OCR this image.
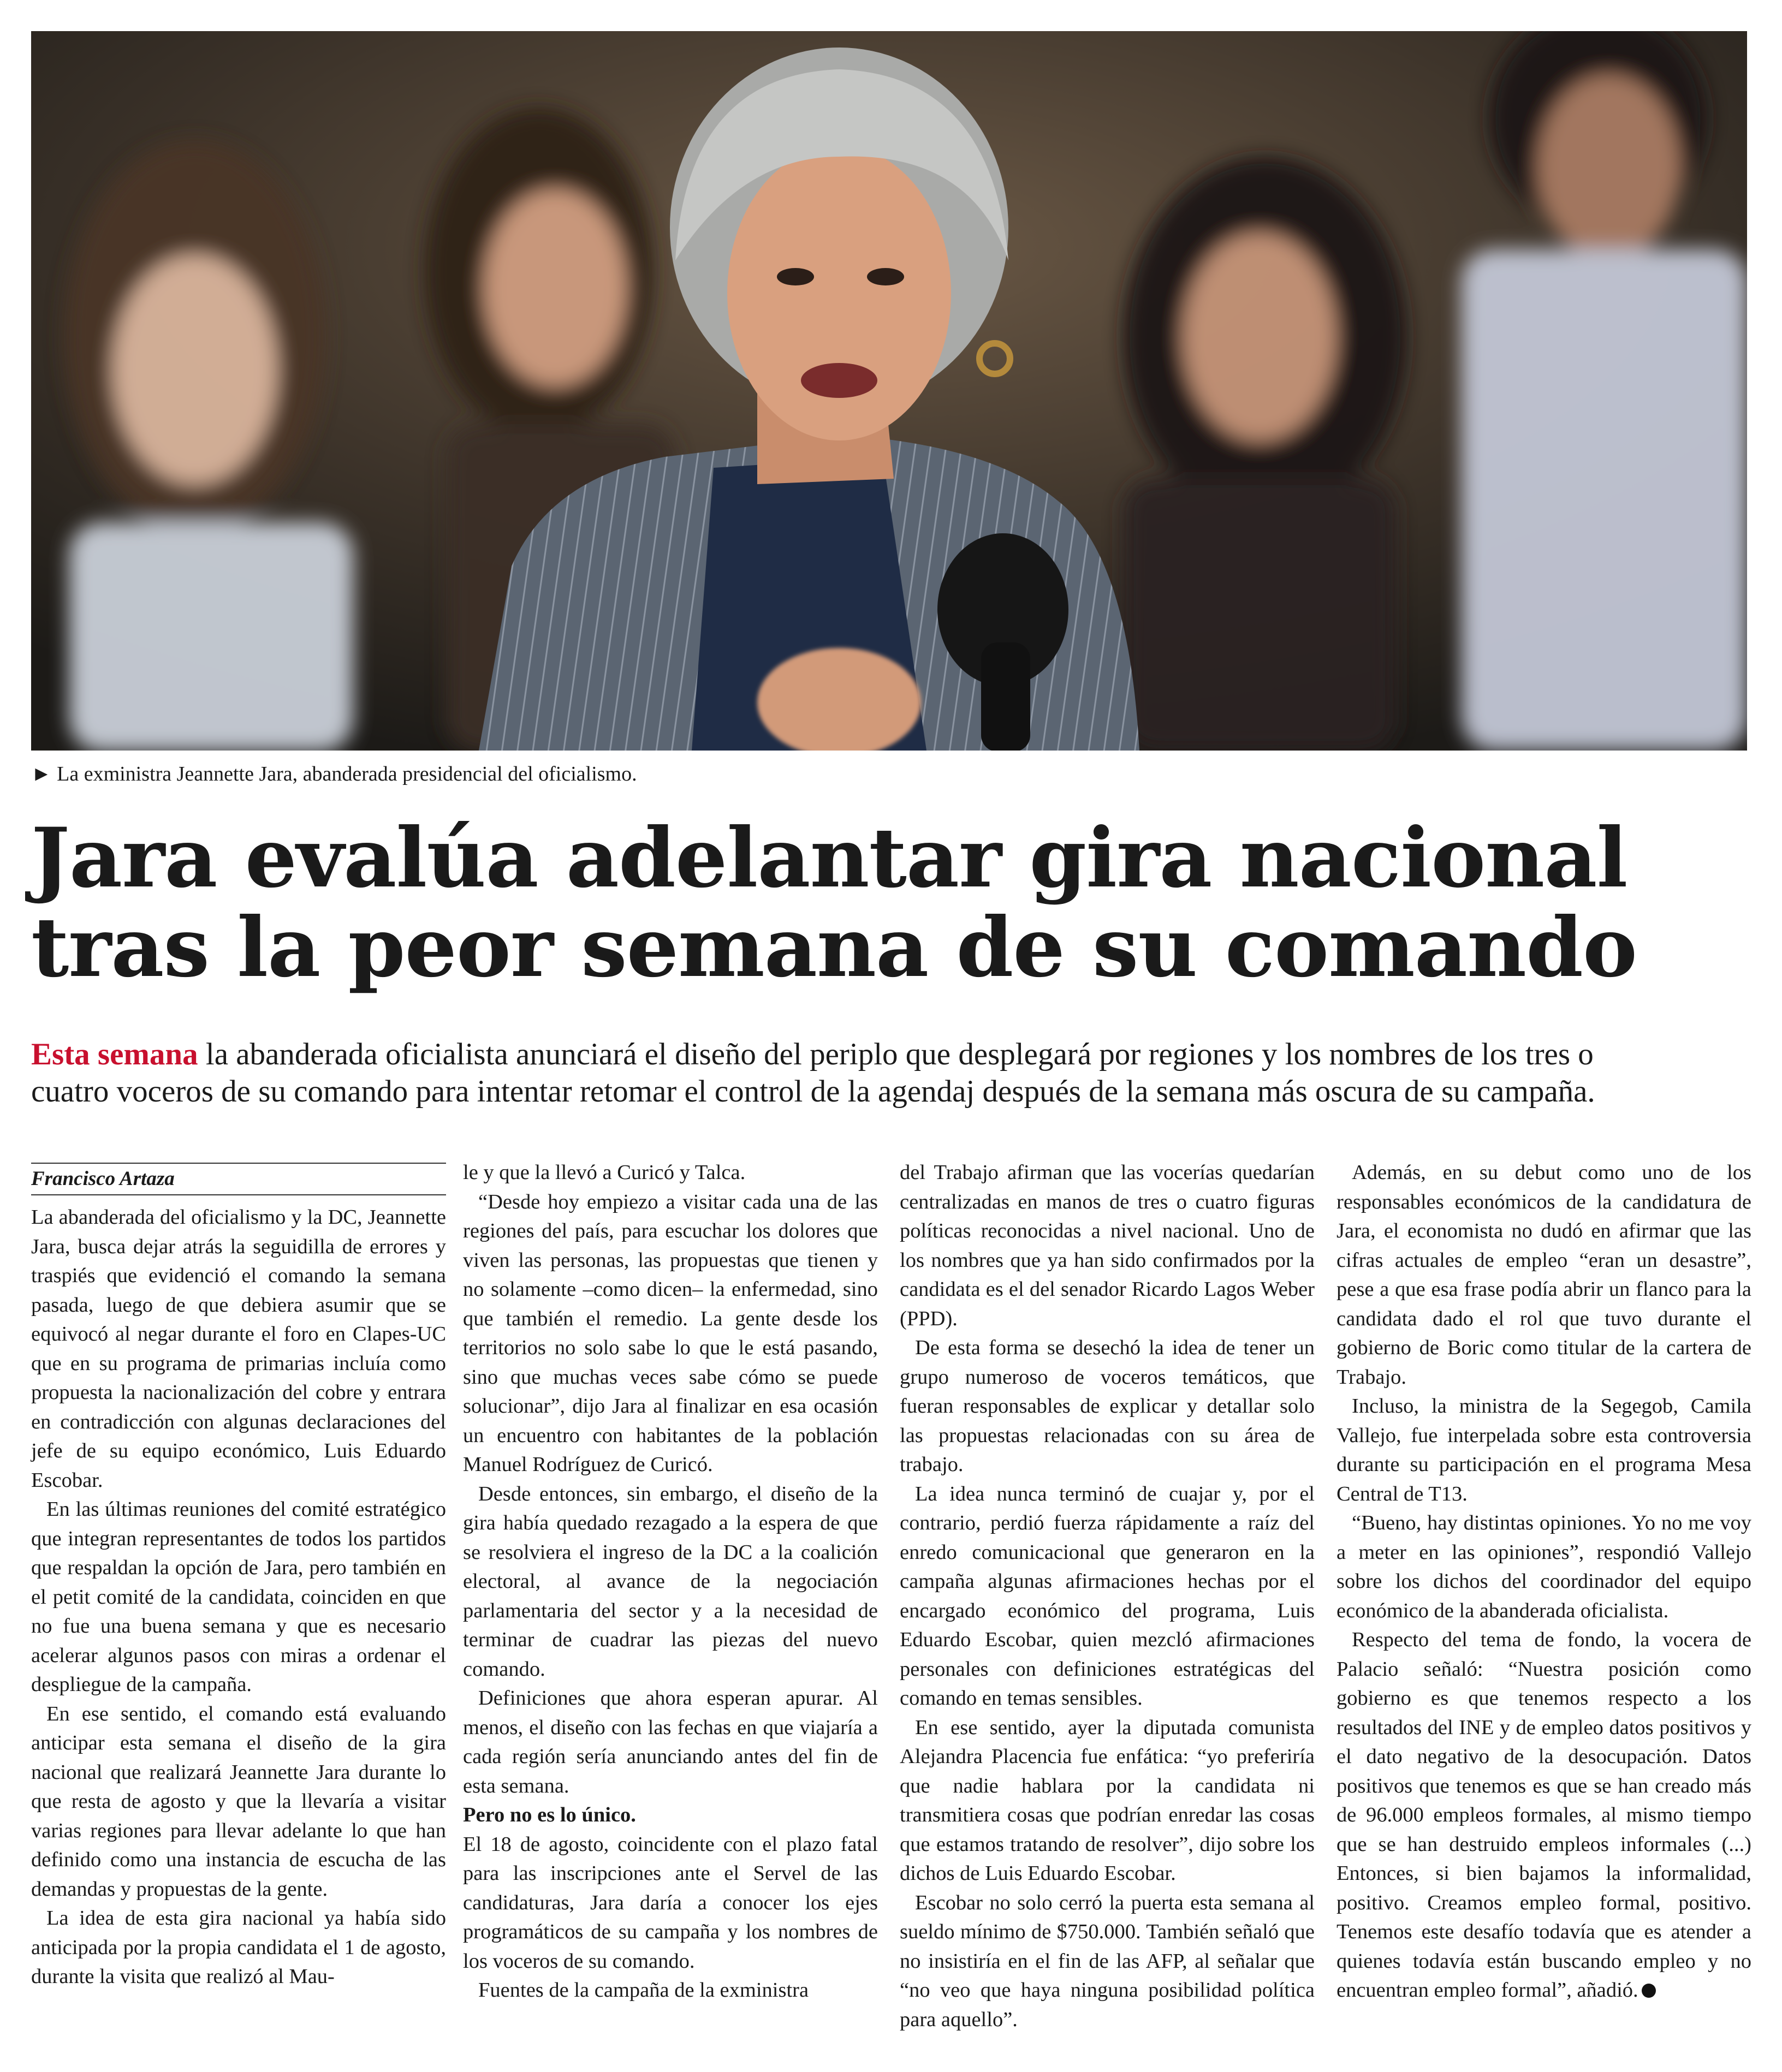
► La exministra Jeannette Jara, abanderada presidencial del oficialismo.
Jara evalúa adelantar gira nacional
tras la peor semana de su comando
Esta semana la abanderada oficialista anunciará el diseño del periplo que desplegará por regiones y los nombres de los tres o
cuatro voceros de su comando para intentar retomar el control de la agendaj después de la semana más oscura de su campaña.
Francisco Artaza

La abanderada del oficialismo y la DC, Jeannette Jara, busca dejar atrás la seguidilla de errores y traspiés que evidenció el comando la semana pasada, luego de que debiera asumir que se equivocó al negar durante el foro en Clapes-UC que en su programa de primarias incluía como propuesta la nacionalización del cobre y entrara en contradicción con algunas declaraciones del jefe de su equipo económico, Luis Eduardo Escobar.

En las últimas reuniones del comité estratégico que integran representantes de todos los partidos que respaldan la opción de Jara, pero también en el petit comité de la candidata, coinciden en que no fue una buena semana y que es necesario acelerar algunos pasos con miras a ordenar el despliegue de la campaña.

En ese sentido, el comando está evaluando anticipar esta semana el diseño de la gira nacional que realizará Jeannette Jara durante lo que resta de agosto y que la llevaría a visitar varias regiones para llevar adelante lo que han definido como una instancia de escucha de las demandas y propuestas de la gente.

La idea de esta gira nacional ya había sido anticipada por la propia candidata el 1 de agosto, durante la visita que realizó al Mau-

le y que la llevó a Curicó y Talca.

“Desde hoy empiezo a visitar cada una de las regiones del país, para escuchar los dolores que viven las personas, las propuestas que tienen y no solamente –como dicen– la enfermedad, sino que también el remedio. La gente desde los territorios no solo sabe lo que le está pasando, sino que muchas veces sabe cómo se puede solucionar”, dijo Jara al finalizar en esa ocasión un encuentro con habitantes de la población Manuel Rodríguez de Curicó.

Desde entonces, sin embargo, el diseño de la gira había quedado rezagado a la espera de que se resolviera el ingreso de la DC a la coalición electoral, al avance de la negociación parlamentaria del sector y a la necesidad de terminar de cuadrar las piezas del nuevo comando.

Definiciones que ahora esperan apurar. Al menos, el diseño con las fechas en que viajaría a cada región sería anunciando antes del fin de esta semana.

Pero no es lo único.

El 18 de agosto, coincidente con el plazo fatal para las inscripciones ante el Servel de las candidaturas, Jara daría a conocer los ejes programáticos de su campaña y los nombres de los voceros de su comando.

Fuentes de la campaña de la exministra

del Trabajo afirman que las vocerías quedarían centralizadas en manos de tres o cuatro figuras políticas reconocidas a nivel nacional. Uno de los nombres que ya han sido confirmados por la candidata es el del senador Ricardo Lagos Weber (PPD).

De esta forma se desechó la idea de tener un grupo numeroso de voceros temáticos, que fueran responsables de explicar y detallar solo las propuestas relacionadas con su área de trabajo.

La idea nunca terminó de cuajar y, por el contrario, perdió fuerza rápidamente a raíz del enredo comunicacional que generaron en la campaña algunas afirmaciones hechas por el encargado económico del programa, Luis Eduardo Escobar, quien mezcló afirmaciones personales con definiciones estratégicas del comando en temas sensibles.

En ese sentido, ayer la diputada comunista Alejandra Placencia fue enfática: “yo preferiría que nadie hablara por la candidata ni transmitiera cosas que podrían enredar las cosas que estamos tratando de resolver”, dijo sobre los dichos de Luis Eduardo Escobar.

Escobar no solo cerró la puerta esta semana al sueldo mínimo de $750.000. También señaló que no insistiría en el fin de las AFP, al señalar que “no veo que haya ninguna posibilidad política para aquello”.

Además, en su debut como uno de los responsables económicos de la candidatura de Jara, el economista no dudó en afirmar que las cifras actuales de empleo “eran un desastre”, pese a que esa frase podía abrir un flanco para la candidata dado el rol que tuvo durante el gobierno de Boric como titular de la cartera de Trabajo.

Incluso, la ministra de la Segegob, Camila Vallejo, fue interpelada sobre esta controversia durante su participación en el programa Mesa Central de T13.

“Bueno, hay distintas opiniones. Yo no me voy a meter en las opiniones”, respondió Vallejo sobre los dichos del coordinador del equipo económico de la abanderada oficialista.

Respecto del tema de fondo, la vocera de Palacio señaló: “Nuestra posición como gobierno es que tenemos respecto a los resultados del INE y de empleo datos positivos y el dato negativo de la desocupación. Datos positivos que tenemos es que se han creado más de 96.000 empleos formales, al mismo tiempo que se han destruido empleos informales (...) Entonces, si bien bajamos la informalidad, positivo. Creamos empleo formal, positivo. Tenemos este desafío todavía que es atender a quienes todavía están buscando empleo y no encuentran empleo formal”, añadió.
